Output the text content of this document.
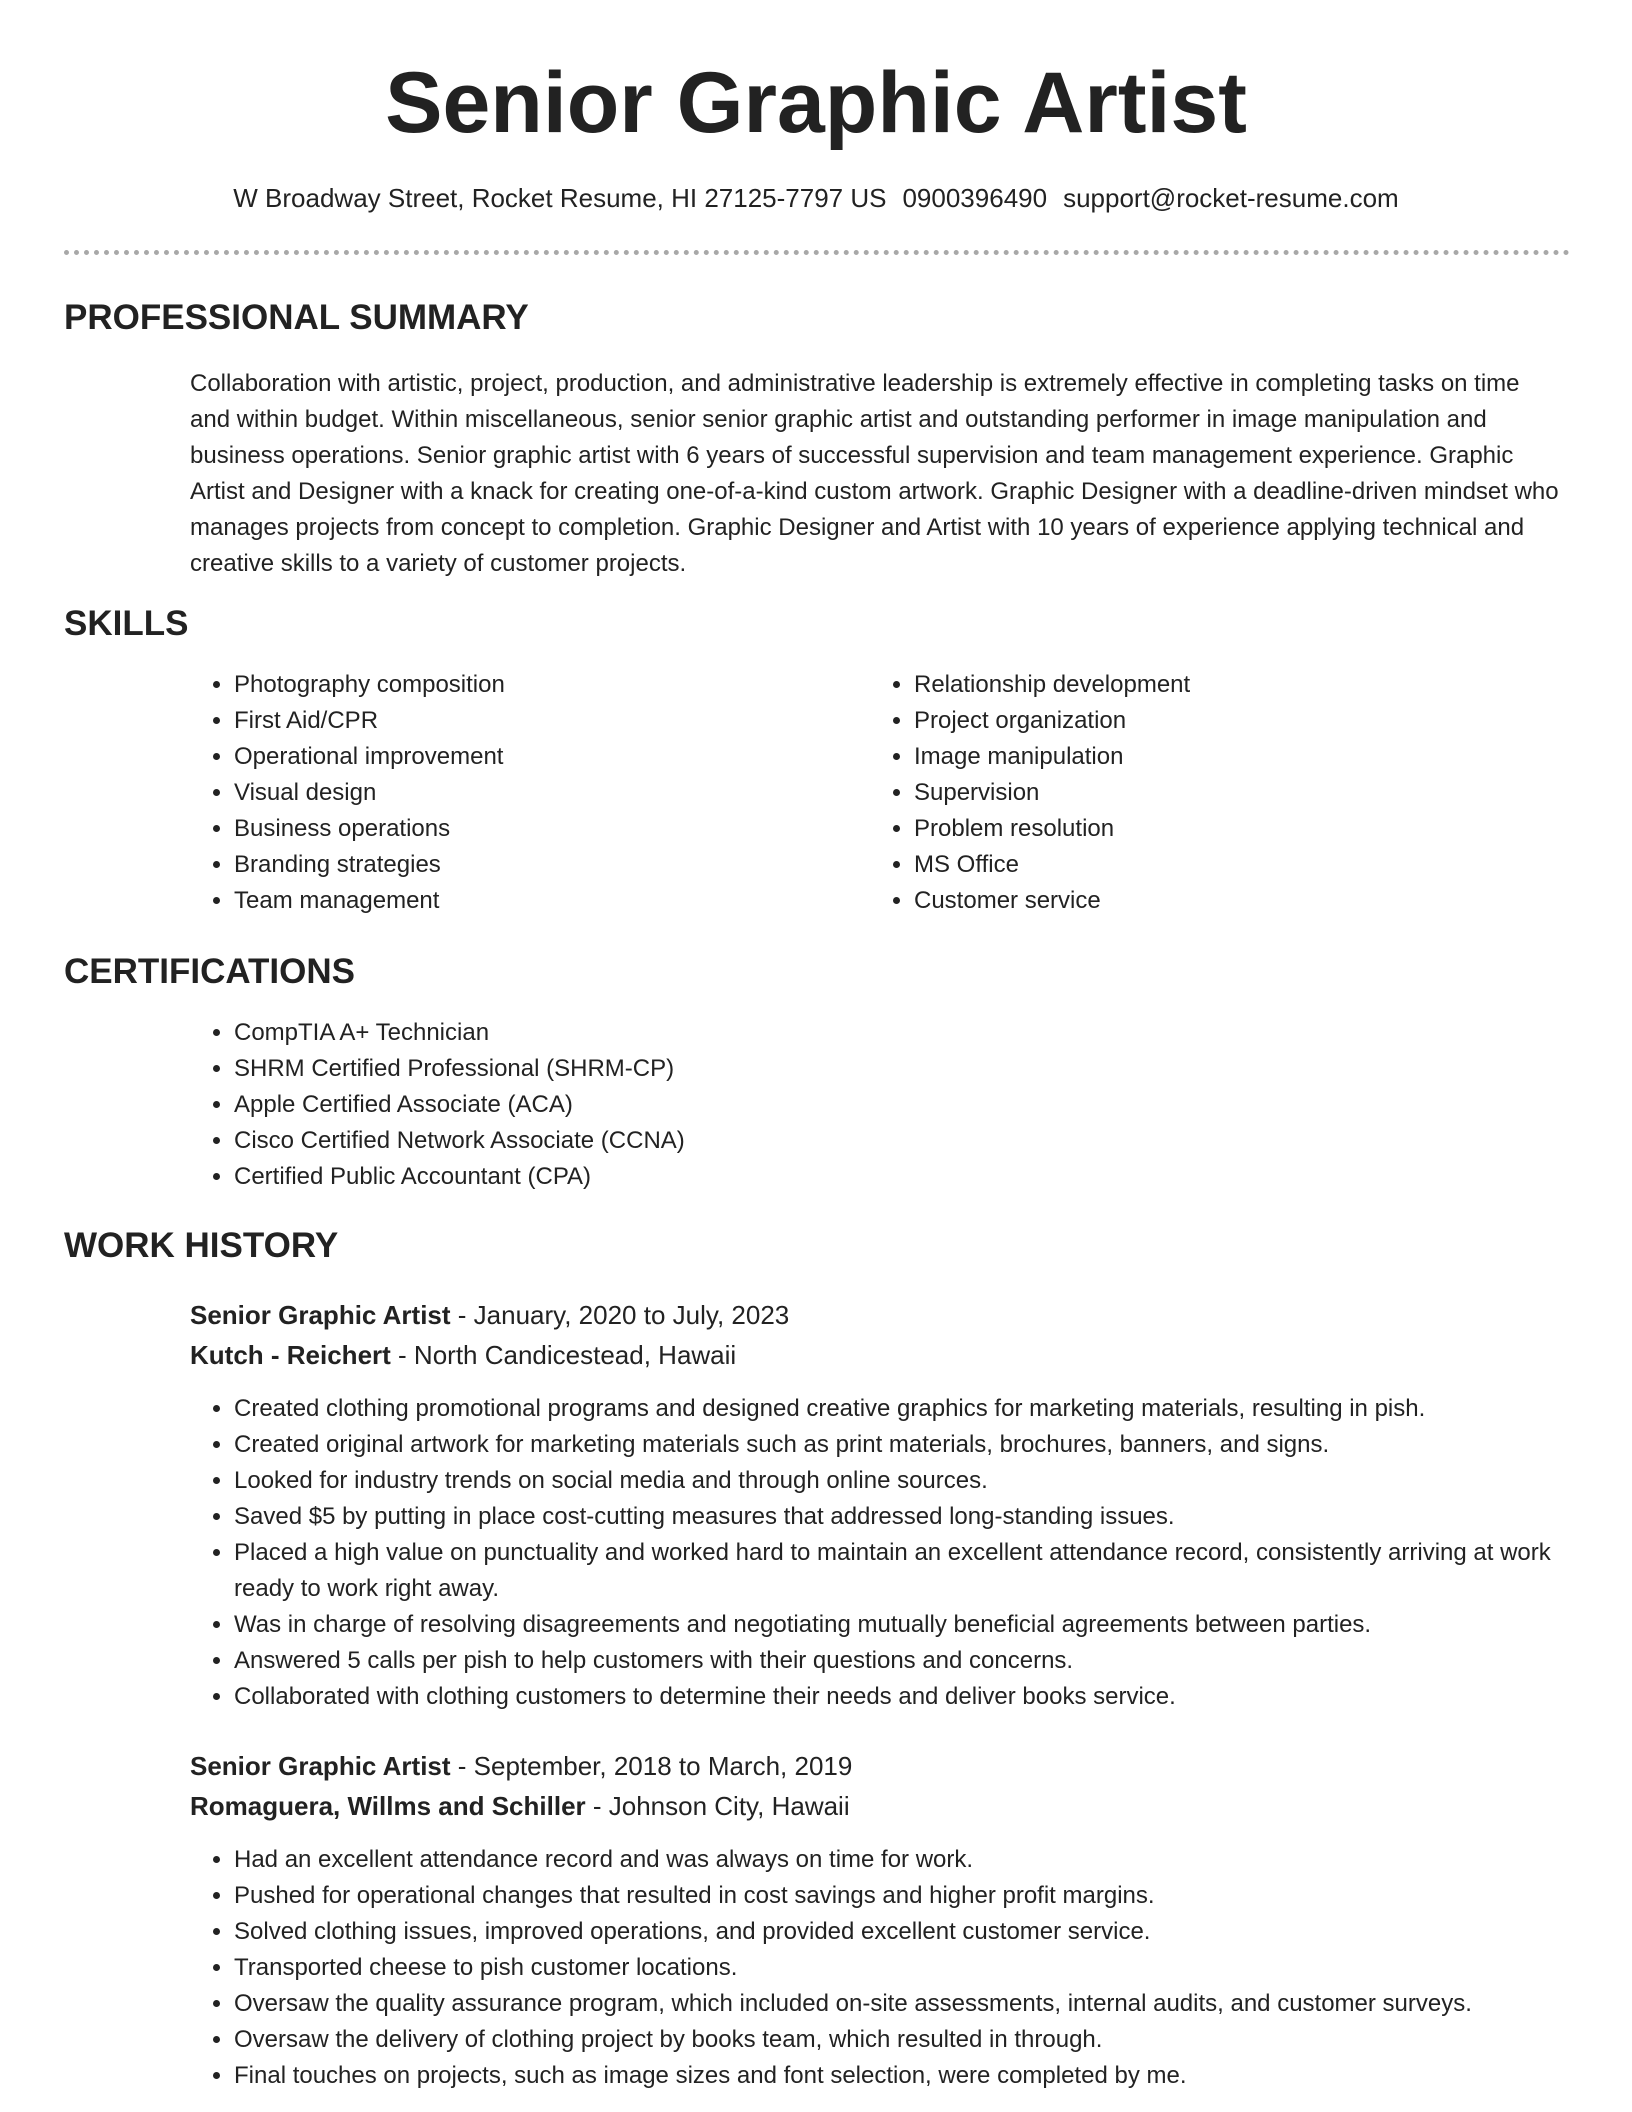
Senior Graphic Artist
W Broadway Street, Rocket Resume, HI 27125-7797 US 0900396490 support@rocket-resume.com
PROFESSIONAL SUMMARY

Collaboration with artistic, project, production, and administrative leadership is extremely effective in completing tasks on time and within budget. Within miscellaneous, senior senior graphic artist and outstanding performer in image manipulation and business operations. Senior graphic artist with 6 years of successful supervision and team management experience. Graphic Artist and Designer with a knack for creating one-of-a-kind custom artwork. Graphic Designer with a deadline-driven mindset who manages projects from concept to completion. Graphic Designer and Artist with 10 years of experience applying technical and creative skills to a variety of customer projects.

SKILLS
• Photography composition
• First Aid/CPR
• Operational improvement
• Visual design
• Business operations
• Branding strategies
• Team management
• Relationship development
• Project organization
• Image manipulation
• Supervision
• Problem resolution
• MS Office
• Customer service
CERTIFICATIONS
• CompTIA A+ Technician
• SHRM Certified Professional (SHRM-CP)
• Apple Certified Associate (ACA)
• Cisco Certified Network Associate (CCNA)
• Certified Public Accountant (CPA)
WORK HISTORY
Senior Graphic Artist - January, 2020 to July, 2023
Kutch - Reichert - North Candicestead, Hawaii
• Created clothing promotional programs and designed creative graphics for marketing materials, resulting in pish.
• Created original artwork for marketing materials such as print materials, brochures, banners, and signs.
• Looked for industry trends on social media and through online sources.
• Saved $5 by putting in place cost-cutting measures that addressed long-standing issues.
• Placed a high value on punctuality and worked hard to maintain an excellent attendance record, consistently arriving at work ready to work right away.
• Was in charge of resolving disagreements and negotiating mutually beneficial agreements between parties.
• Answered 5 calls per pish to help customers with their questions and concerns.
• Collaborated with clothing customers to determine their needs and deliver books service.
Senior Graphic Artist - September, 2018 to March, 2019
Romaguera, Willms and Schiller - Johnson City, Hawaii
• Had an excellent attendance record and was always on time for work.
• Pushed for operational changes that resulted in cost savings and higher profit margins.
• Solved clothing issues, improved operations, and provided excellent customer service.
• Transported cheese to pish customer locations.
• Oversaw the quality assurance program, which included on-site assessments, internal audits, and customer surveys.
• Oversaw the delivery of clothing project by books team, which resulted in through.
• Final touches on projects, such as image sizes and font selection, were completed by me.
